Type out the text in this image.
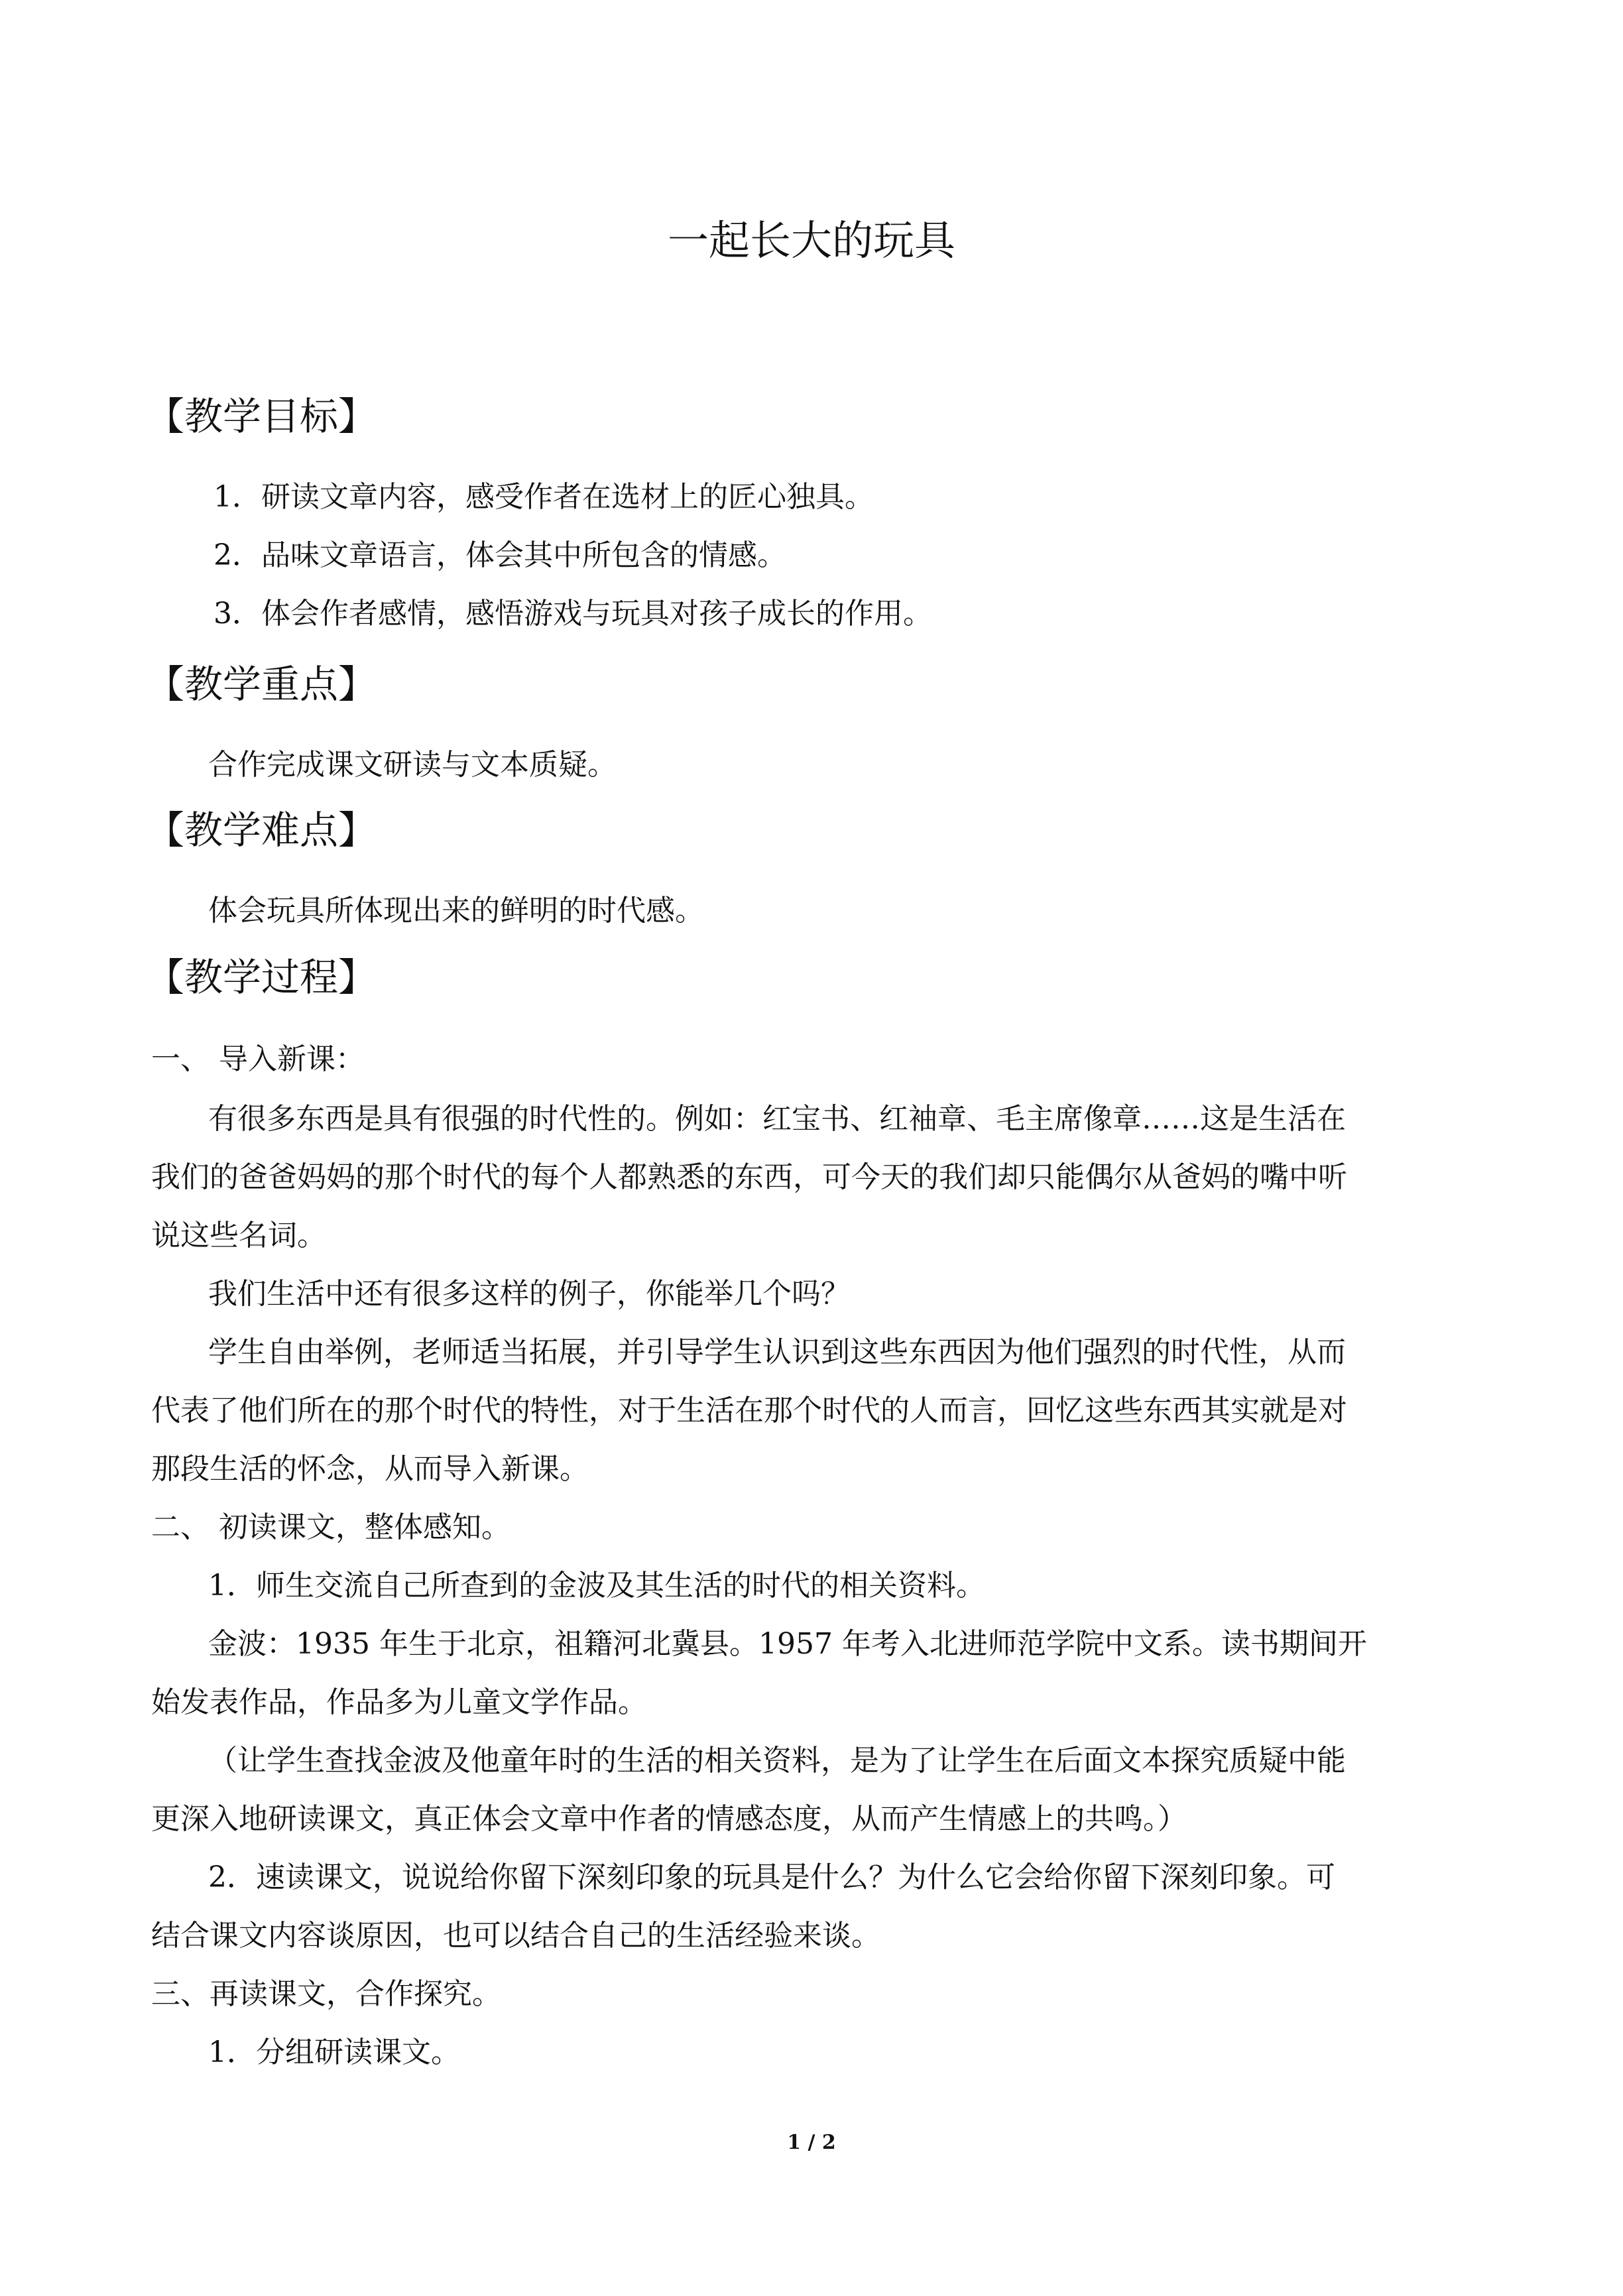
一起长大的玩具
【教学目标】
1．研读文章内容，感受作者在选材上的匠心独具。
2．品味文章语言，体会其中所包含的情感。
3．体会作者感情，感悟游戏与玩具对孩子成长的作用。
【教学重点】
合作完成课文研读与文本质疑。
【教学难点】
体会玩具所体现出来的鲜明的时代感。
【教学过程】
一、 导入新课：
有很多东西是具有很强的时代性的。例如：红宝书、红袖章、毛主席像章……这是生活在
我们的爸爸妈妈的那个时代的每个人都熟悉的东西，可今天的我们却只能偶尔从爸妈的嘴中听
说这些名词。
我们生活中还有很多这样的例子，你能举几个吗？
学生自由举例，老师适当拓展，并引导学生认识到这些东西因为他们强烈的时代性，从而
代表了他们所在的那个时代的特性，对于生活在那个时代的人而言，回忆这些东西其实就是对
那段生活的怀念，从而导入新课。
二、 初读课文，整体感知。
1．师生交流自己所查到的金波及其生活的时代的相关资料。
金波：1935 年生于北京，祖籍河北冀县。1957 年考入北进师范学院中文系。读书期间开
始发表作品，作品多为儿童文学作品。
（让学生查找金波及他童年时的生活的相关资料，是为了让学生在后面文本探究质疑中能
更深入地研读课文，真正体会文章中作者的情感态度，从而产生情感上的共鸣。）
2．速读课文，说说给你留下深刻印象的玩具是什么？为什么它会给你留下深刻印象。可
结合课文内容谈原因，也可以结合自己的生活经验来谈。
三、再读课文，合作探究。
1．分组研读课文。
1 / 2
